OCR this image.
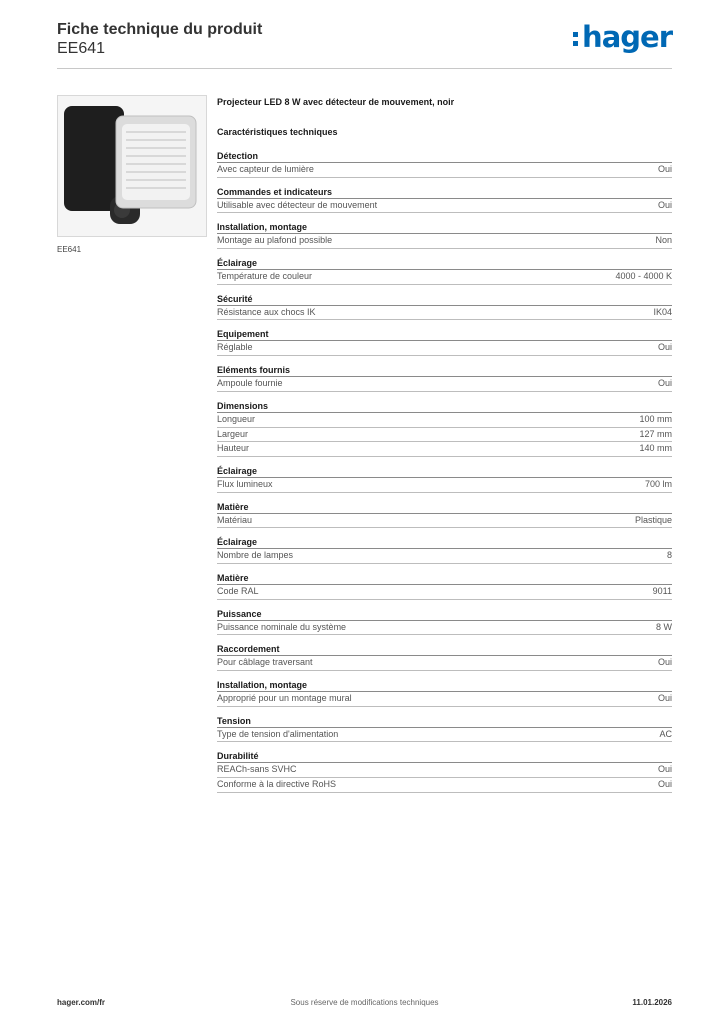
Fiche technique du produit
EE641	hager
EE641
Projecteur LED 8 W avec détecteur de mouvement, noir
Caractéristiques techniques
Détection
Avec capteur de lumière	Oui
Commandes et indicateurs
Utilisable avec détecteur de mouvement	Oui
Installation, montage
Montage au plafond possible	Non
Éclairage
Température de couleur	4000 - 4000 K
Sécurité
Résistance aux chocs IK	IK04
Equipement
Réglable	Oui
Eléments fournis
Ampoule fournie	Oui
Dimensions
Longueur	100 mm
Largeur	127 mm
Hauteur	140 mm
Éclairage
Flux lumineux	700 lm
Matière
Matériau	Plastique
Éclairage
Nombre de lampes	8
Matière
Code RAL	9011
Puissance
Puissance nominale du système	8 W
Raccordement
Pour câblage traversant	Oui
Installation, montage
Approprié pour un montage mural	Oui
Tension
Type de tension d'alimentation	AC
Durabilité
REACh-sans SVHC	Oui
Conforme à la directive RoHS	Oui
hager.com/fr	Sous réserve de modifications techniques	11.01.2026
